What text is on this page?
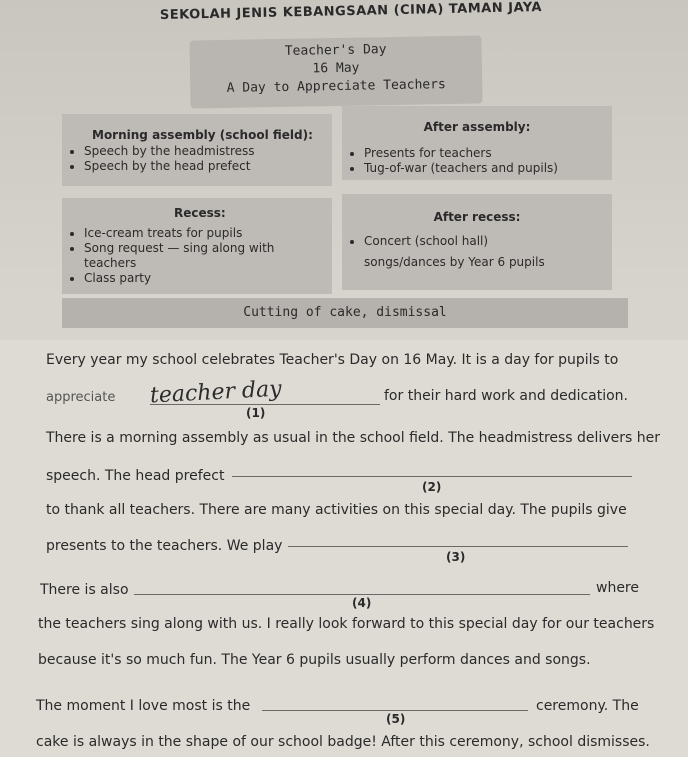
SEKOLAH JENIS KEBANGSAAN (CINA) TAMAN JAYA
Teacher's Day
16 May
A Day to Appreciate Teachers
Morning assembly (school field):
• Speech by the headmistress
• Speech by the head prefect
After assembly:
• Presents for teachers
• Tug-of-war (teachers and pupils)
Recess:
• Ice-cream treats for pupils
• Song request — sing along with teachers
• Class party
After recess:
• Concert (school hall)
songs/dances by Year 6 pupils
Cutting of cake, dismissal
Every year my school celebrates Teacher's Day on 16 May. It is a day for pupils to
appreciate teacher day
(1)
for their hard work and dedication.
There is a morning assembly as usual in the school field. The headmistress delivers her
speech. The head prefect
(2)
to thank all teachers. There are many activities on this special day. The pupils give
presents to the teachers. We play
(3)
There is also
(4)
where
the teachers sing along with us. I really look forward to this special day for our teachers
because it's so much fun. The Year 6 pupils usually perform dances and songs.
The moment I love most is the
(5)
ceremony. The
cake is always in the shape of our school badge! After this ceremony, school dismisses.
